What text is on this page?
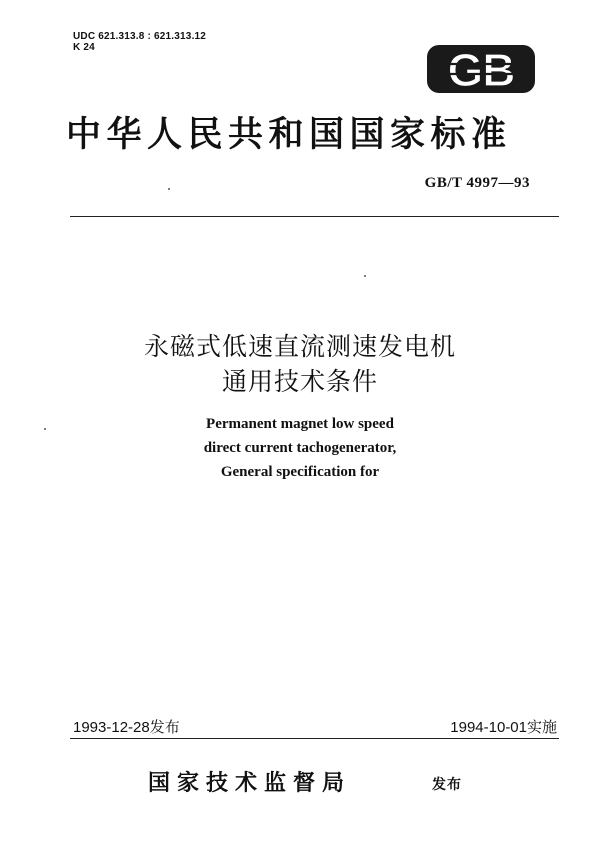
UDC 621.313.8 : 621.313.12
K 24	GB
中华人民共和国国家标准
GB/T 4997—93
永磁式低速直流测速发电机
通用技术条件
Permanent magnet low speed
direct current tachogenerator,
General specification for
1993-12-28发布	1994-10-01实施
国家技术监督局	发布
